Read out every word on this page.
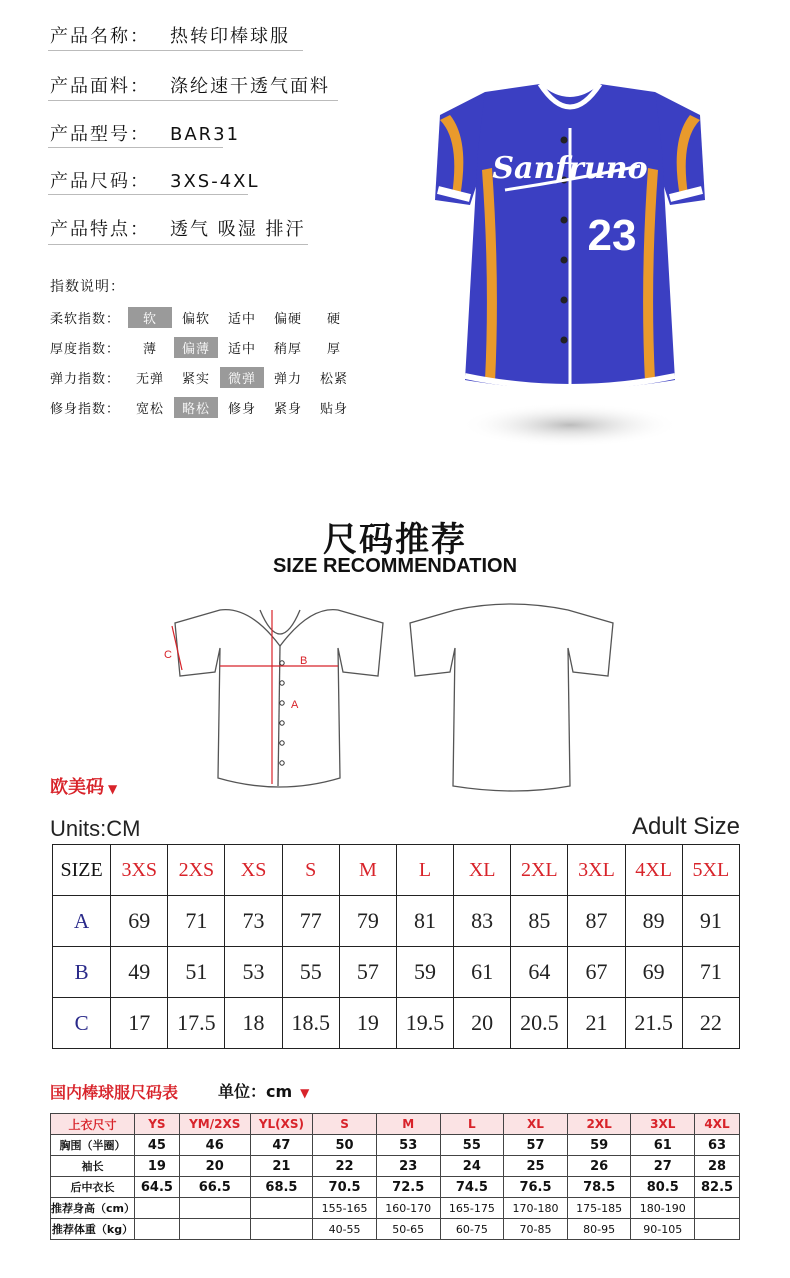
产品名称： 热转印棒球服
产品面料： 涤纶速干透气面料
产品型号： BAR31
产品尺码： 3XS-4XL
产品特点： 透气 吸湿 排汗
指数说明：
柔软指数：	软	偏软	适中	偏硬	硬
厚度指数：	薄	偏薄	适中	稍厚	厚
弹力指数：	无弹	紧实	微弹	弹力	松紧
修身指数：	宽松	略松	修身	紧身	贴身
Sanfruno
23
尺码推荐
SIZE RECOMMENDATION
B
A
C
欧美码 ▼
Units:CM	Adult Size
SIZE	3XS	2XS	XS	S	M	L	XL	2XL	3XL	4XL	5XL
A	69	71	73	77	79	81	83	85	87	89	91
B	49	51	53	55	57	59	61	64	67	69	71
C	17	17.5	18	18.5	19	19.5	20	20.5	21	21.5	22
国内棒球服尺码表 单位：cm ▼
上衣尺寸	YS	YM/2XS	YL(XS)	S	M	L	XL	2XL	3XL	4XL
胸围（半圈）	45	46	47	50	53	55	57	59	61	63
袖长	19	20	21	22	23	24	25	26	27	28
后中衣长	64.5	66.5	68.5	70.5	72.5	74.5	76.5	78.5	80.5	82.5
推荐身高（cm）				155-165	160-170	165-175	170-180	175-185	180-190	
推荐体重（kg）				40-55	50-65	60-75	70-85	80-95	90-105	
